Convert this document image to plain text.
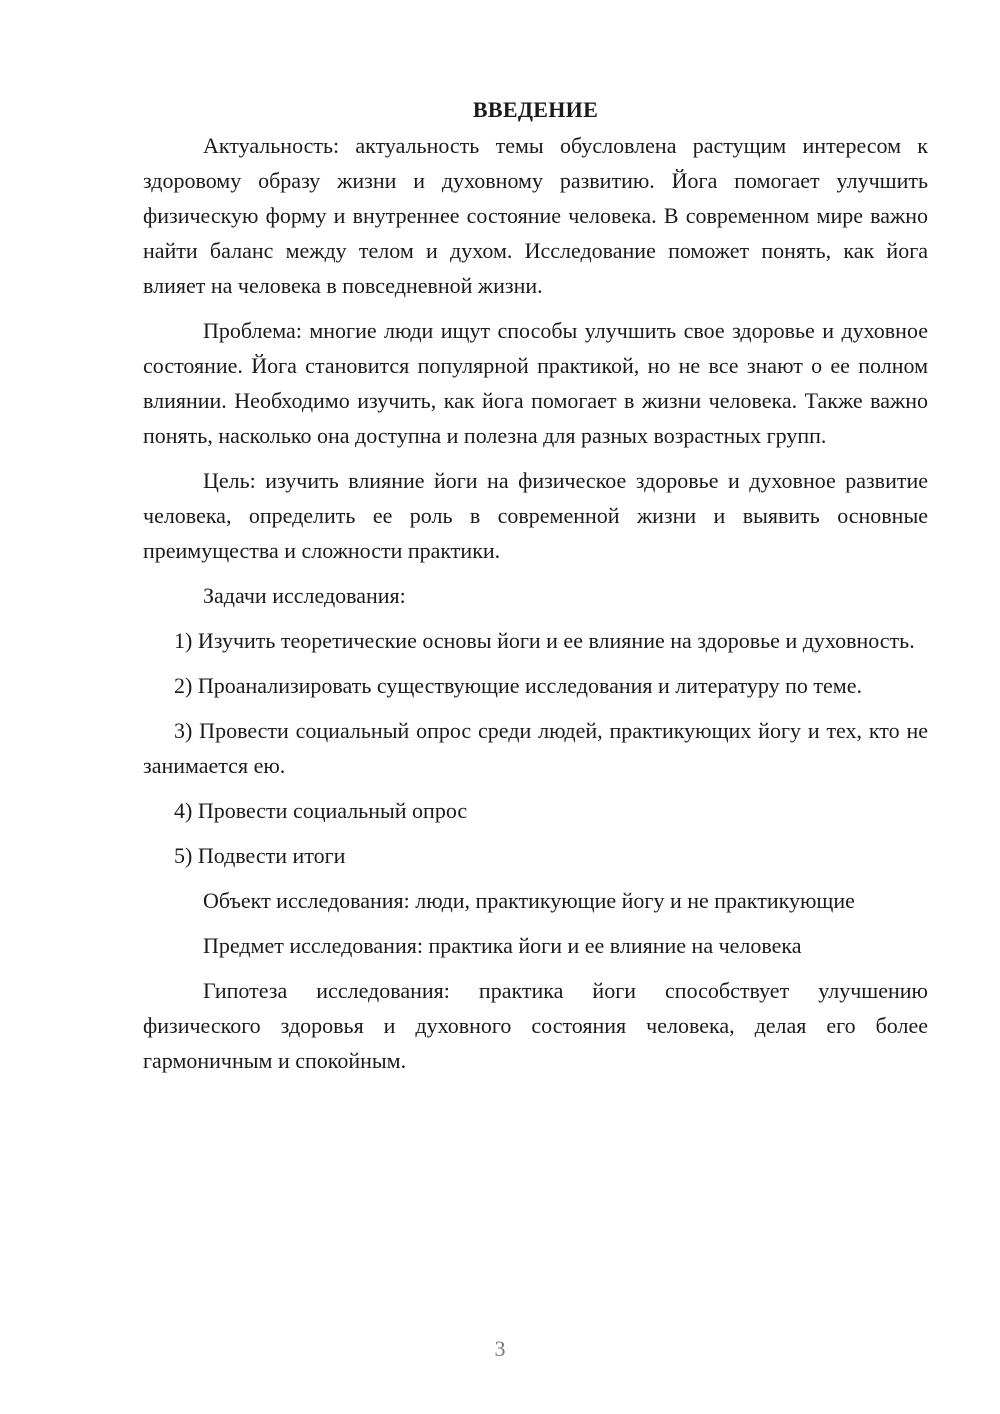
ВВЕДЕНИЕ

Актуальность: актуальность темы обусловлена растущим интересом к здоровому образу жизни и духовному развитию. Йога помогает улучшить физическую форму и внутреннее состояние человека. В современном мире важно найти баланс между телом и духом. Исследование поможет понять, как йога влияет на человека в повседневной жизни.

Проблема: многие люди ищут способы улучшить свое здоровье и духовное состояние. Йога становится популярной практикой, но не все знают о ее полном влиянии. Необходимо изучить, как йога помогает в жизни человека. Также важно понять, насколько она доступна и полезна для разных возрастных групп.

Цель: изучить влияние йоги на физическое здоровье и духовное развитие человека, определить ее роль в современной жизни и выявить основные преимущества и сложности практики.

Задачи исследования:

1) Изучить теоретические основы йоги и ее влияние на здоровье и духовность.

2) Проанализировать существующие исследования и литературу по теме.

3) Провести социальный опрос среди людей, практикующих йогу и тех, кто не занимается ею.

4) Провести социальный опрос

5) Подвести итоги

Объект исследования: люди, практикующие йогу и не практикующие

Предмет исследования: практика йоги и ее влияние на человека

Гипотеза исследования: практика йоги способствует улучшению физического здоровья и духовного состояния человека, делая его более гармоничным и спокойным.

3
